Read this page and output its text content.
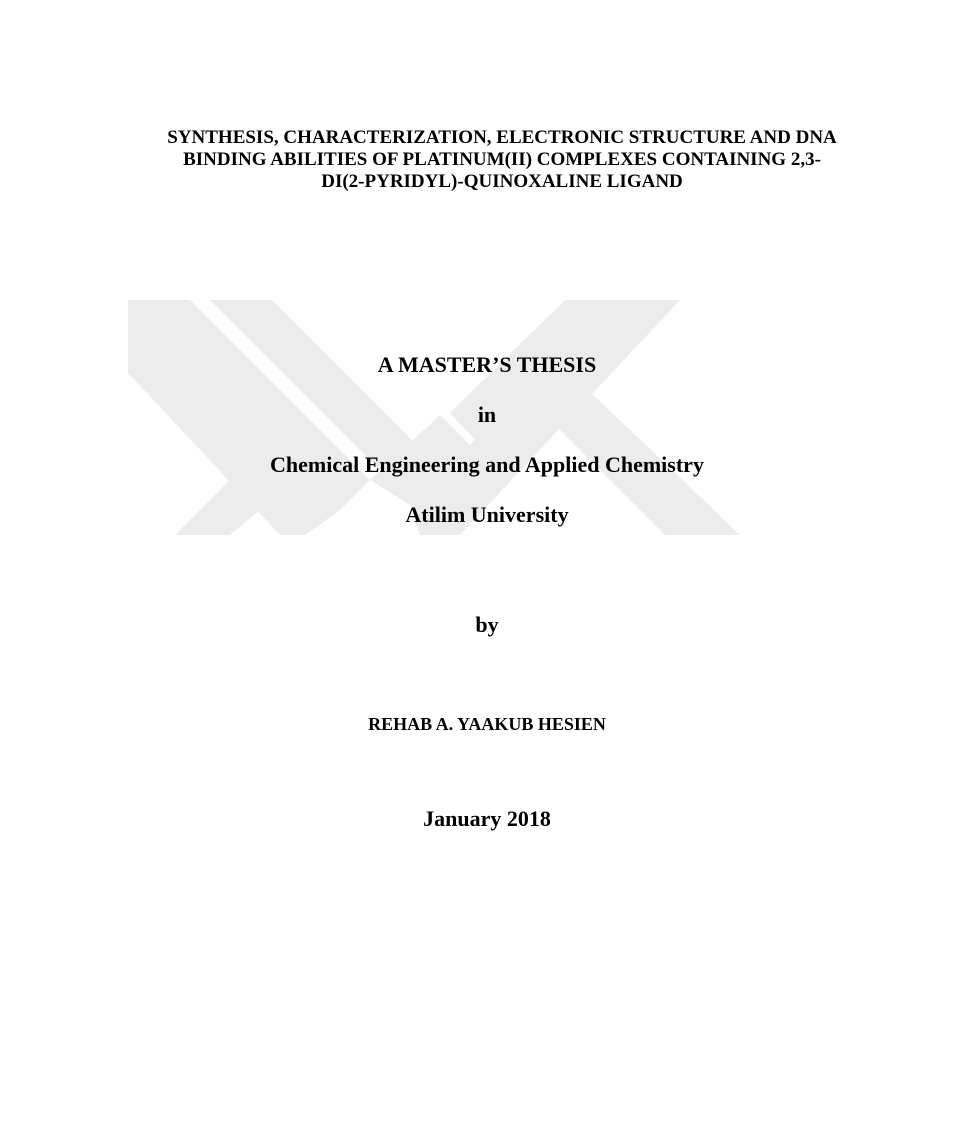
SYNTHESIS, CHARACTERIZATION, ELECTRONIC STRUCTURE AND DNA
BINDING ABILITIES OF PLATINUM(II) COMPLEXES CONTAINING 2,3-
DI(2-PYRIDYL)-QUINOXALINE LIGAND
A MASTER’S THESIS
in
Chemical Engineering and Applied Chemistry
Atilim University
by
REHAB A. YAAKUB HESIEN
January 2018
